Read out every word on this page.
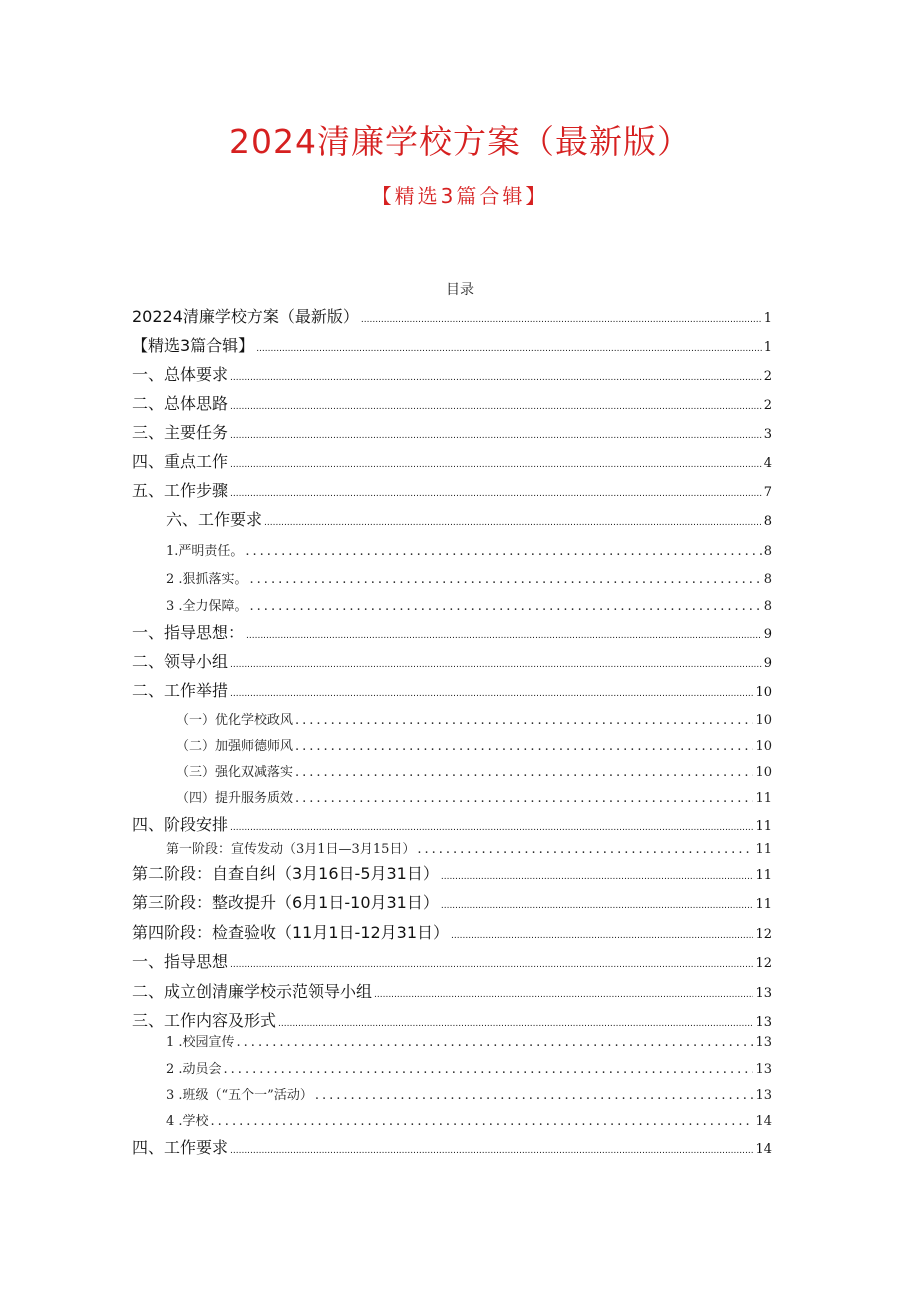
2024清廉学校方案（最新版）
【精选3篇合辑】
目录
20224清廉学校方案（最新版） .....	1
【精选3篇合辑】 .....	1
一、总体要求 .....	2
二、总体思路 .....	2
三、主要任务 .....	3
四、重点工作 .....	4
五、工作步骤 .....	7
六、工作要求 .....	8
1.严明责任。 .....	8
2 .狠抓落实。 .....	8
3 .全力保障。 .....	8
一、指导思想： .....	9
二、领导小组 .....	9
二、工作举措 .....	10
（一）优化学校政风 .....	10
（二）加强师德师风 .....	10
（三）强化双减落实 .....	10
（四）提升服务质效 .....	11
四、阶段安排 .....	11
第一阶段：宣传发动（3月1日—3月15日） .....	11
第二阶段：自查自纠（3月16日-5月31日） .....	11
第三阶段：整改提升（6月1日-10月31日） .....	11
第四阶段：检查验收（11月1日-12月31日） .....	12
一、指导思想 .....	12
二、成立创清廉学校示范领导小组 .....	13
三、工作内容及形式 .....	13
1 .校园宣传 .....	13
2 .动员会 .....	13
3 .班级（“五个一”活动） .....	13
4 .学校 .....	14
四、工作要求 .....	14
